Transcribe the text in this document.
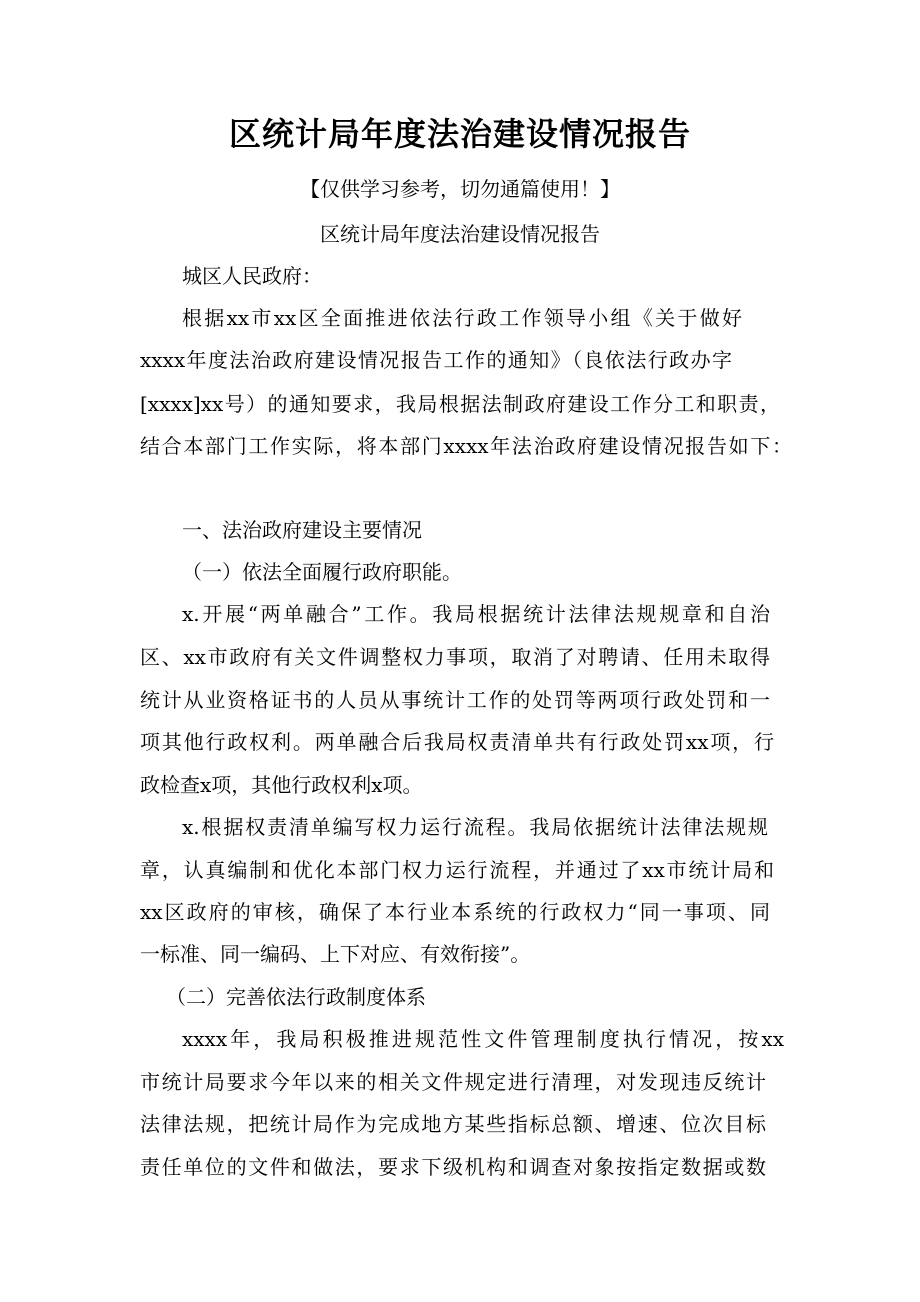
区统计局年度法治建设情况报告
【仅供学习参考，切勿通篇使用！】
区统计局年度法治建设情况报告
城区人民政府：
根据xx市xx区全面推进依法行政工作领导小组《关于做好
xxxx年度法治政府建设情况报告工作的通知》（良依法行政办字
[xxxx]xx号）的通知要求，我局根据法制政府建设工作分工和职责，
结合本部门工作实际，将本部门xxxx年法治政府建设情况报告如下：
一、法治政府建设主要情况
（一）依法全面履行政府职能。
x.开展“两单融合”工作。我局根据统计法律法规规章和自治
区、xx市政府有关文件调整权力事项，取消了对聘请、任用未取得
统计从业资格证书的人员从事统计工作的处罚等两项行政处罚和一
项其他行政权利。两单融合后我局权责清单共有行政处罚xx项，行
政检查x项，其他行政权利x项。
x.根据权责清单编写权力运行流程。我局依据统计法律法规规
章，认真编制和优化本部门权力运行流程，并通过了xx市统计局和
xx区政府的审核，确保了本行业本系统的行政权力“同一事项、同
一标准、同一编码、上下对应、有效衔接”。
（二）完善依法行政制度体系
xxxx年，我局积极推进规范性文件管理制度执行情况，按xx
市统计局要求今年以来的相关文件规定进行清理，对发现违反统计
法律法规，把统计局作为完成地方某些指标总额、增速、位次目标
责任单位的文件和做法，要求下级机构和调查对象按指定数据或数
